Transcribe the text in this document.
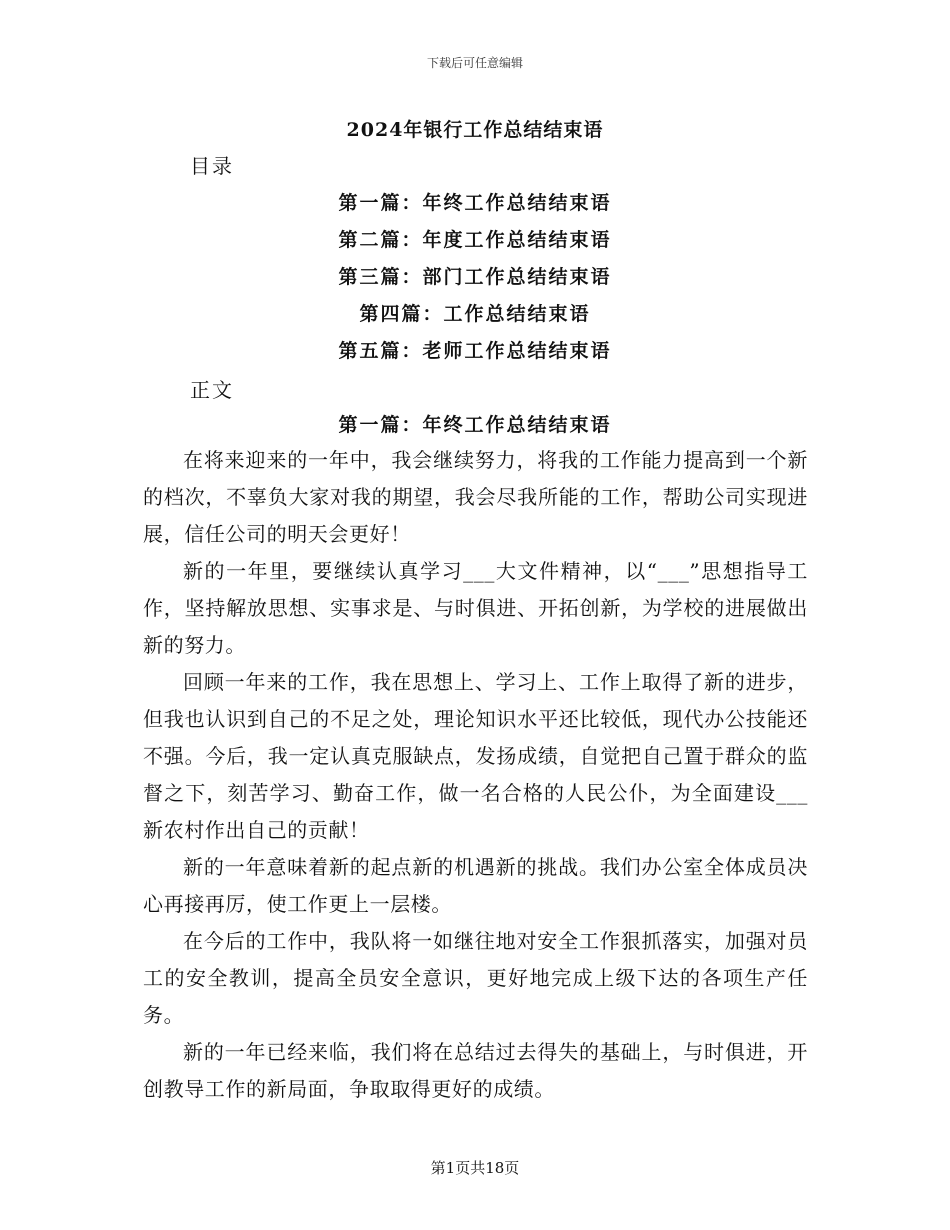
下载后可任意编辑
2024年银行工作总结结束语
目录
第一篇：年终工作总结结束语
第二篇：年度工作总结结束语
第三篇：部门工作总结结束语
第四篇：工作总结结束语
第五篇：老师工作总结结束语
正文
第一篇：年终工作总结结束语

在将来迎来的一年中，我会继续努力，将我的工作能力提高到一个新的档次，不辜负大家对我的期望，我会尽我所能的工作，帮助公司实现进展，信任公司的明天会更好！

新的一年里，要继续认真学习___大文件精神，以“___”思想指导工作，坚持解放思想、实事求是、与时俱进、开拓创新，为学校的进展做出新的努力。

回顾一年来的工作，我在思想上、学习上、工作上取得了新的进步，但我也认识到自己的不足之处，理论知识水平还比较低，现代办公技能还不强。今后，我一定认真克服缺点，发扬成绩，自觉把自己置于群众的监督之下，刻苦学习、勤奋工作，做一名合格的人民公仆，为全面建设___新农村作出自己的贡献！

新的一年意味着新的起点新的机遇新的挑战。我们办公室全体成员决心再接再厉，使工作更上一层楼。

在今后的工作中，我队将一如继往地对安全工作狠抓落实，加强对员工的安全教训，提高全员安全意识，更好地完成上级下达的各项生产任务。

新的一年已经来临，我们将在总结过去得失的基础上，与时俱进，开创教导工作的新局面，争取取得更好的成绩。

第1页共18页
